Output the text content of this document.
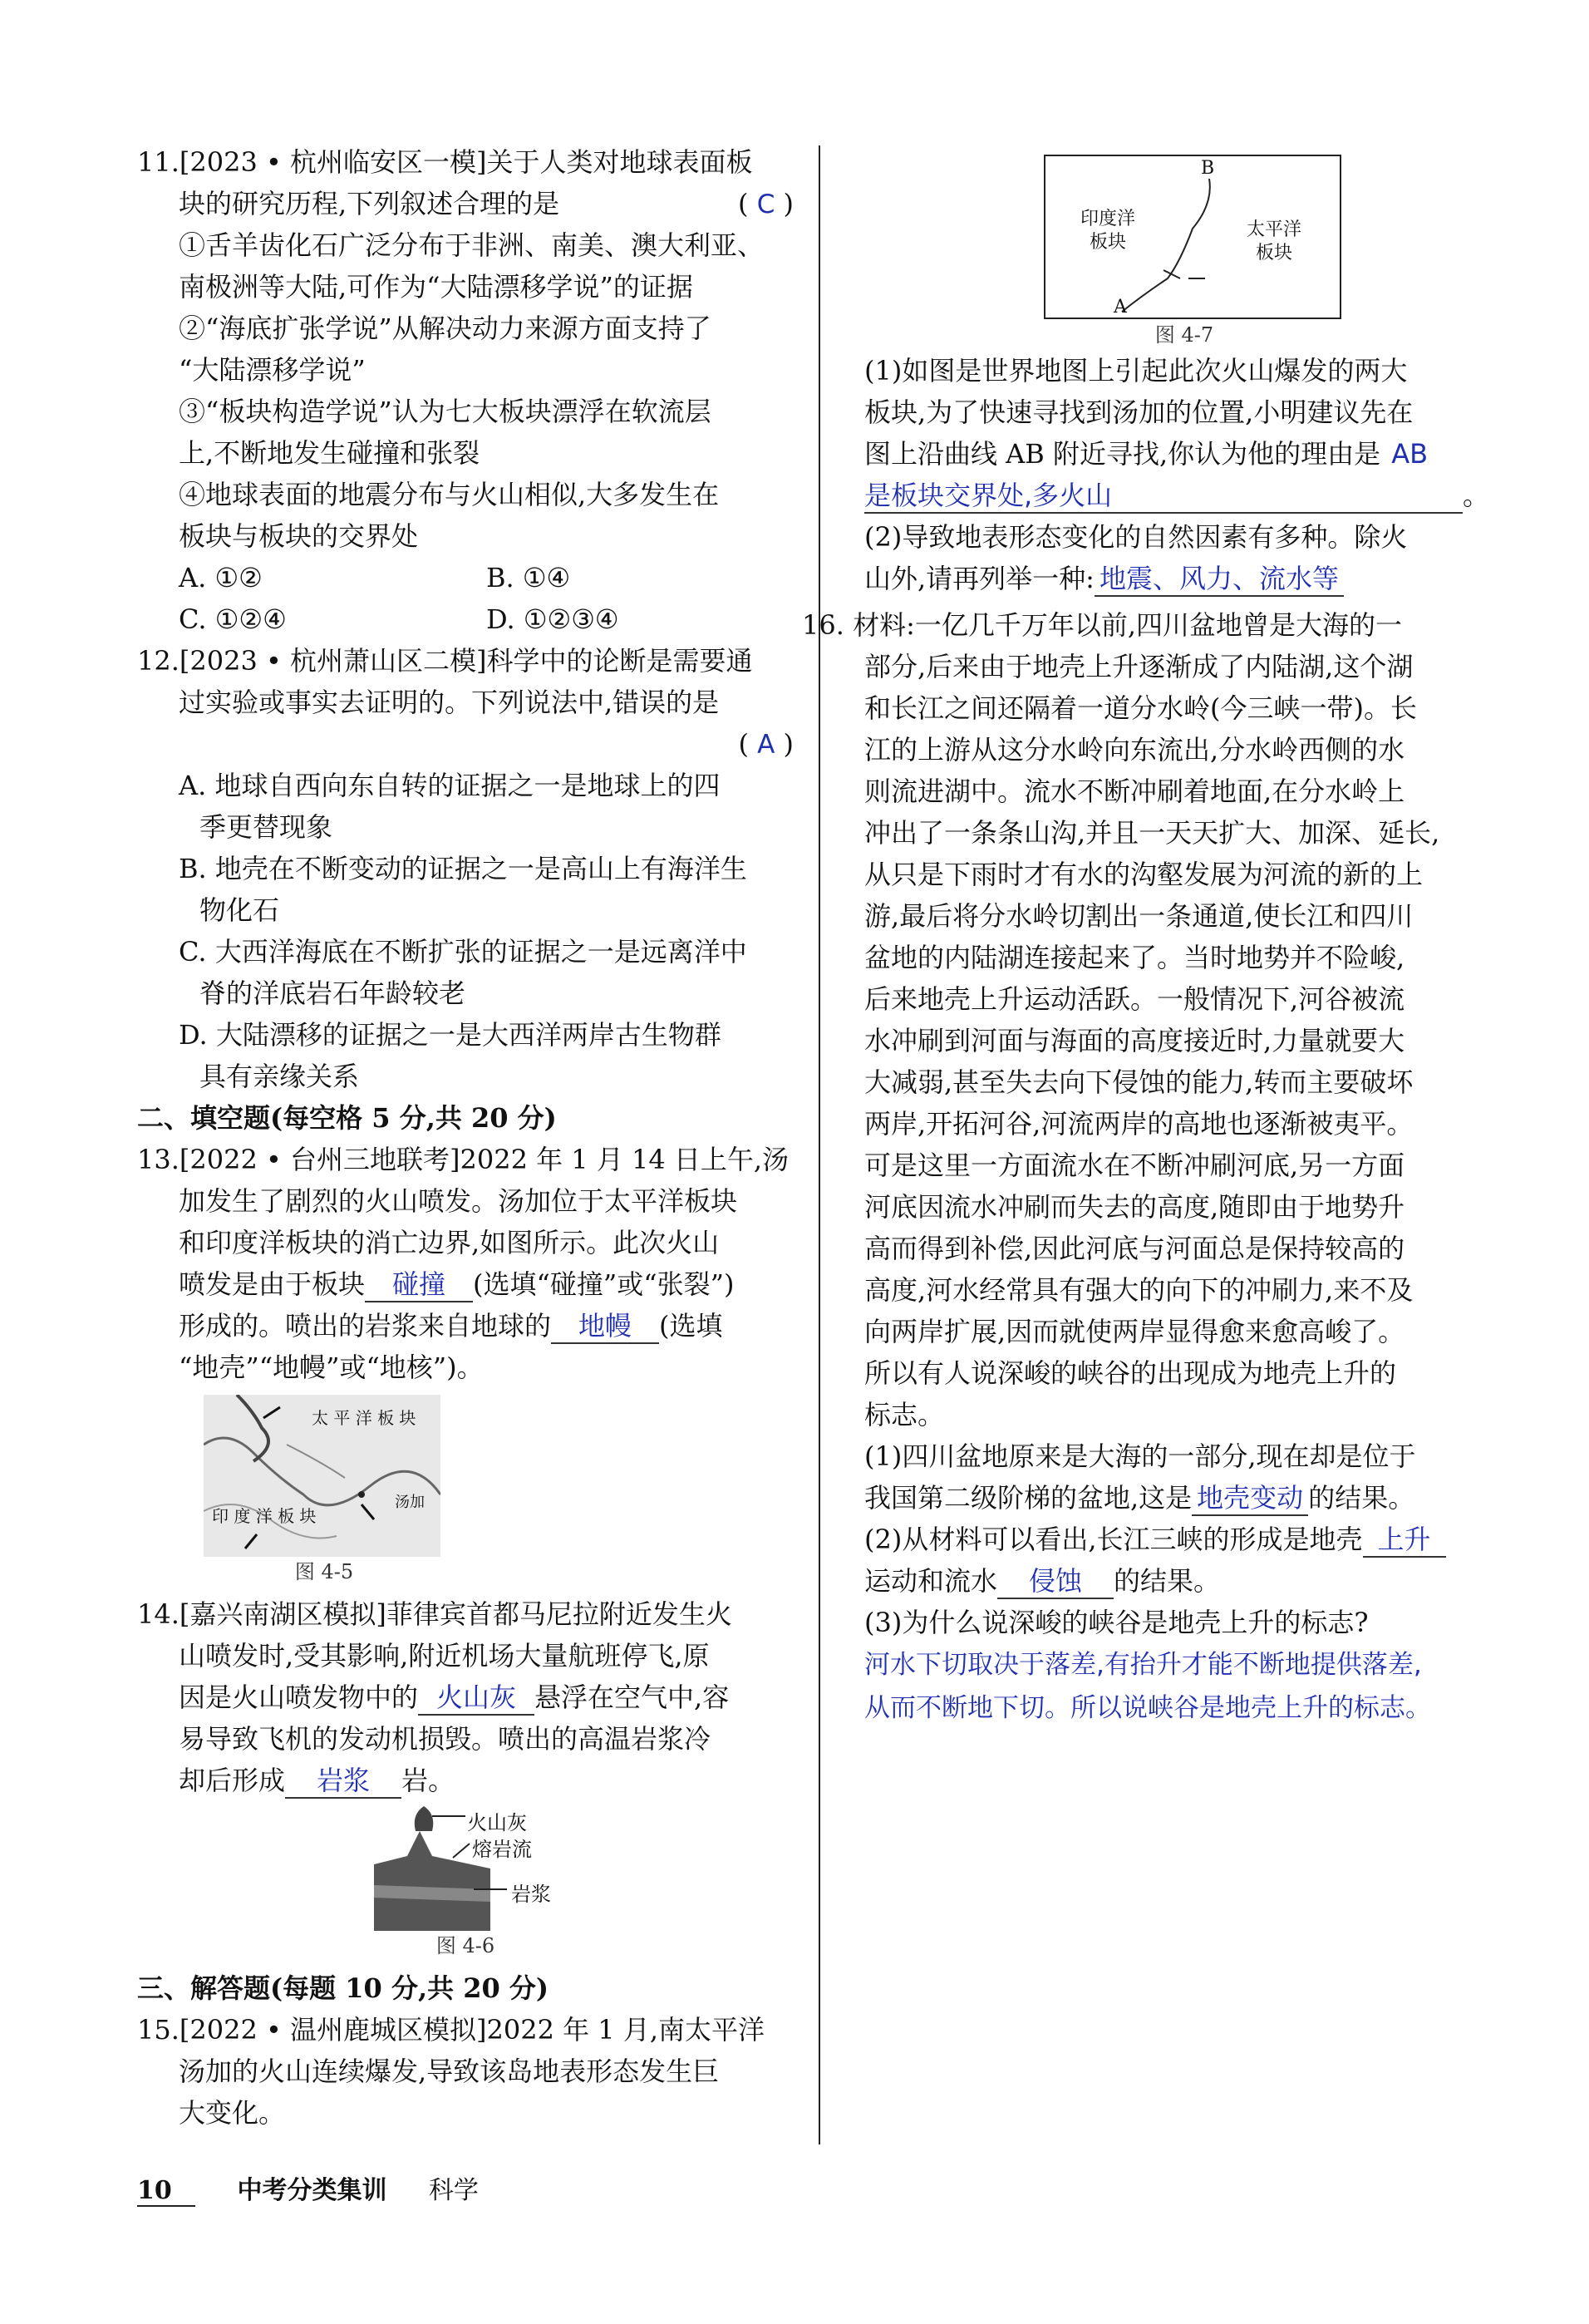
11.[2023 • 杭州临安区一模]关于人类对地球表面板
块的研究历程,下列叙述合理的是	( C )
①舌羊齿化石广泛分布于非洲、南美、澳大利亚、
南极洲等大陆,可作为“大陆漂移学说”的证据
②“海底扩张学说”从解决动力来源方面支持了
“大陆漂移学说”
③“板块构造学说”认为七大板块漂浮在软流层
上,不断地发生碰撞和张裂
④地球表面的地震分布与火山相似,大多发生在
板块与板块的交界处
A. ①②	B. ①④
C. ①②④	D. ①②③④
12.[2023 • 杭州萧山区二模]科学中的论断是需要通
过实验或事实去证明的。下列说法中,错误的是
( A )
A. 地球自西向东自转的证据之一是地球上的四
季更替现象
B. 地壳在不断变动的证据之一是高山上有海洋生
物化石
C. 大西洋海底在不断扩张的证据之一是远离洋中
脊的洋底岩石年龄较老
D. 大陆漂移的证据之一是大西洋两岸古生物群
具有亲缘关系
二、填空题(每空格 5 分,共 20 分)
13.[2022 • 台州三地联考]2022 年 1 月 14 日上午,汤
加发生了剧烈的火山喷发。汤加位于太平洋板块
和印度洋板块的消亡边界,如图所示。此次火山
喷发是由于板块 碰撞 (选填“碰撞”或“张裂”)
形成的。喷出的岩浆来自地球的 地幔 (选填
“地壳”“地幔”或“地核”)。
太 平 洋 板 块
印 度 洋 板 块
汤加
图 4-5
14.[嘉兴南湖区模拟]菲律宾首都马尼拉附近发生火
山喷发时,受其影响,附近机场大量航班停飞,原
因是火山喷发物中的 火山灰 悬浮在空气中,容
易导致飞机的发动机损毁。喷出的高温岩浆冷
却后形成 岩浆 岩。
火山灰
熔岩流
岩浆
图 4-6
三、解答题(每题 10 分,共 20 分)
15.[2022 • 温州鹿城区模拟]2022 年 1 月,南太平洋
汤加的火山连续爆发,导致该岛地表形态发生巨
大变化。
B
A
印度洋
板块
太平洋
板块
图 4-7
(1)如图是世界地图上引起此次火山爆发的两大
板块,为了快速寻找到汤加的位置,小明建议先在
图上沿曲线 AB 附近寻找,你认为他的理由是 AB
是板块交界处,多火山	。
(2)导致地表形态变化的自然因素有多种。除火
山外,请再列举一种: 地震、风力、流水等
16. 材料:一亿几千万年以前,四川盆地曾是大海的一
部分,后来由于地壳上升逐渐成了内陆湖,这个湖
和长江之间还隔着一道分水岭(今三峡一带)。长
江的上游从这分水岭向东流出,分水岭西侧的水
则流进湖中。流水不断冲刷着地面,在分水岭上
冲出了一条条山沟,并且一天天扩大、加深、延长,
从只是下雨时才有水的沟壑发展为河流的新的上
游,最后将分水岭切割出一条通道,使长江和四川
盆地的内陆湖连接起来了。当时地势并不险峻,
后来地壳上升运动活跃。一般情况下,河谷被流
水冲刷到河面与海面的高度接近时,力量就要大
大减弱,甚至失去向下侵蚀的能力,转而主要破坏
两岸,开拓河谷,河流两岸的高地也逐渐被夷平。
可是这里一方面流水在不断冲刷河底,另一方面
河底因流水冲刷而失去的高度,随即由于地势升
高而得到补偿,因此河底与河面总是保持较高的
高度,河水经常具有强大的向下的冲刷力,来不及
向两岸扩展,因而就使两岸显得愈来愈高峻了。
所以有人说深峻的峡谷的出现成为地壳上升的
标志。
(1)四川盆地原来是大海的一部分,现在却是位于
我国第二级阶梯的盆地,这是 地壳变动 的结果。
(2)从材料可以看出,长江三峡的形成是地壳 上升
运动和流水 侵蚀 的结果。
(3)为什么说深峻的峡谷是地壳上升的标志?
河水下切取决于落差,有抬升才能不断地提供落差,
从而不断地下切。所以说峡谷是地壳上升的标志。
10	中考分类集训 科学
